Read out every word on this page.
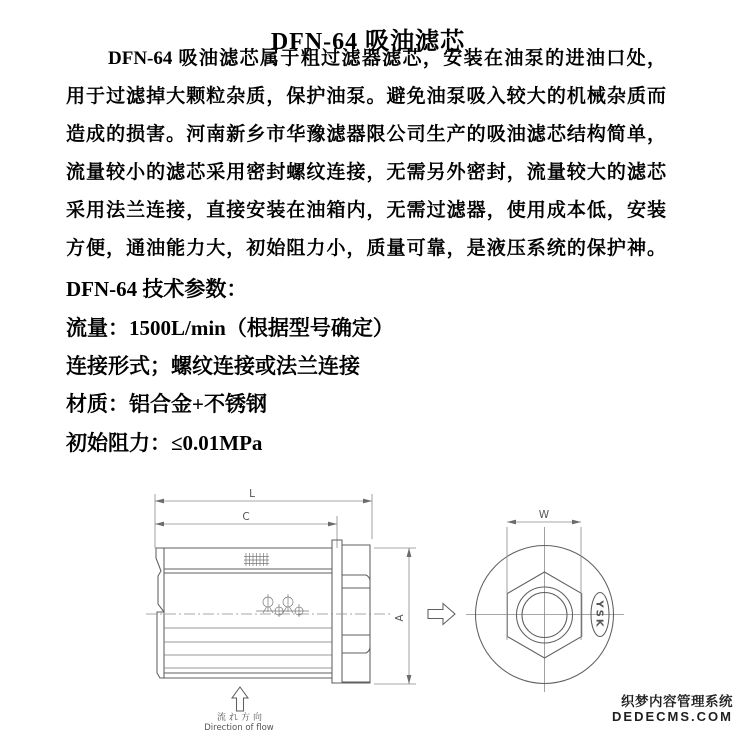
DFN-64 吸油滤芯
DFN-64 吸油滤芯属于粗过滤器滤芯，安装在油泵的进油口处，
用于过滤掉大颗粒杂质，保护油泵。避免油泵吸入较大的机械杂质而
造成的损害。河南新乡市华豫滤器限公司生产的吸油滤芯结构简单，
流量较小的滤芯采用密封螺纹连接，无需另外密封，流量较大的滤芯
采用法兰连接，直接安装在油箱内，无需过滤器，使用成本低，安装
方便，通油能力大，初始阻力小，质量可靠，是液压系统的保护神。
DFN-64 技术参数：
流量：1500L/min（根据型号确定）
连接形式；螺纹连接或法兰连接
材质：铝合金+不锈钢
初始阻力：≤0.01MPa
L
C
A
流れ方向
Direction of flow
YSK
W
织梦内容管理系统
DEDECMS.COM
